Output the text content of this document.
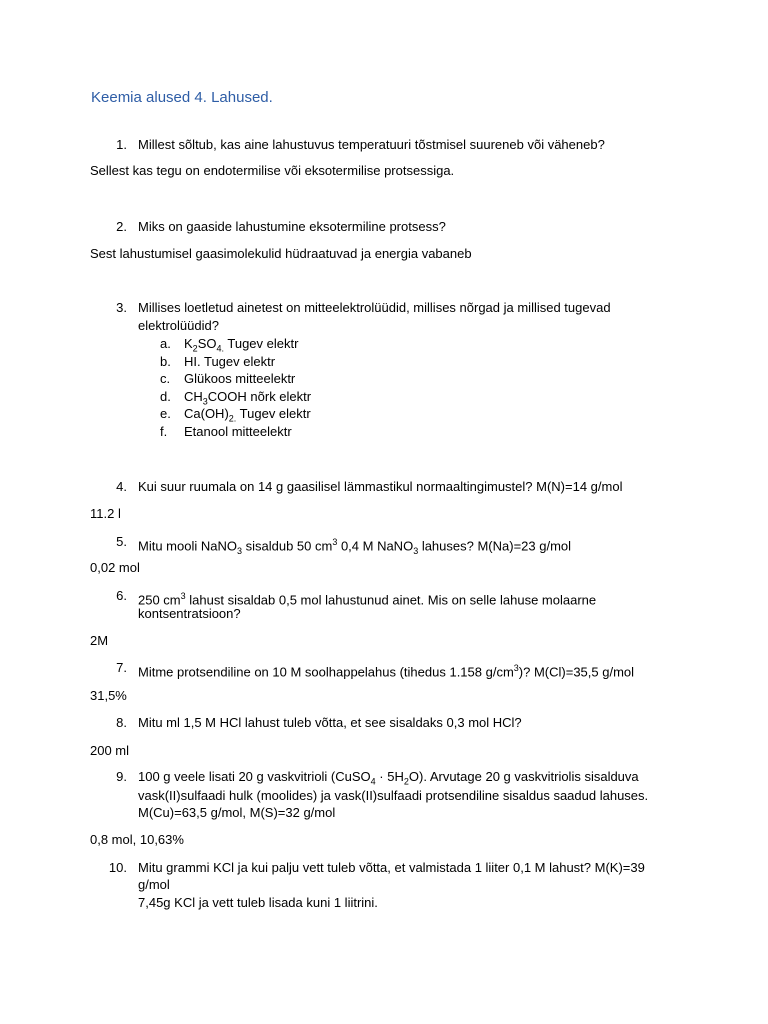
Keemia alused 4. Lahused.
1. Millest sõltub, kas aine lahustuvus temperatuuri tõstmisel suureneb või väheneb?
Sellest kas tegu on endotermilise või eksotermilise protsessiga.
2. Miks on gaaside lahustumine eksotermiline protsess?
Sest lahustumisel gaasimolekulid hüdraatuvad ja energia vabaneb
3. Millises loetletud ainetest on mitteelektrolüüdid, millises nõrgad ja millised tugevad
elektrolüüdid?
a. $K_2SO_{4.}$ Tugev elektr
b. HI. Tugev elektr
c. Glükoos mitteelektr
d. $CH_3COOH$ nõrk elektr
e. $Ca(OH)_{2.}$ Tugev elektr
f. Etanool mitteelektr
4. Kui suur ruumala on 14 g gaasilisel lämmastikul normaaltingimustel? M(N)=14 g/mol
11.2 l
5. Mitu mooli NaNO$_3$ sisaldub 50 $cm^3$ 0,4 M NaNO$_3$ lahuses? M(Na)=23 g/mol
0,02 mol
6. 250 $cm^3$ lahust sisaldab 0,5 mol lahustunud ainet. Mis on selle lahuse molaarne
kontsentratsioon?
2M
7. Mitme protsendiline on 10 M soolhappelahus (tihedus 1.158 $g/cm^3$)? M(Cl)=35,5 g/mol
31,5%
8. Mitu ml 1,5 M HCl lahust tuleb võtta, et see sisaldaks 0,3 mol HCl?
200 ml
9. 100 g veele lisati 20 g vaskvitrioli (CuSO$_4$ · $5H_2O$). Arvutage 20 g vaskvitriolis sisalduva
vask(II)sulfaadi hulk (moolides) ja vask(II)sulfaadi protsendiline sisaldus saadud lahuses.
M(Cu)=63,5 g/mol, M(S)=32 g/mol
0,8 mol, 10,63%
10. Mitu grammi KCl ja kui palju vett tuleb võtta, et valmistada 1 liiter 0,1 M lahust? M(K)=39
g/mol
7,45g KCl ja vett tuleb lisada kuni 1 liitrini.
